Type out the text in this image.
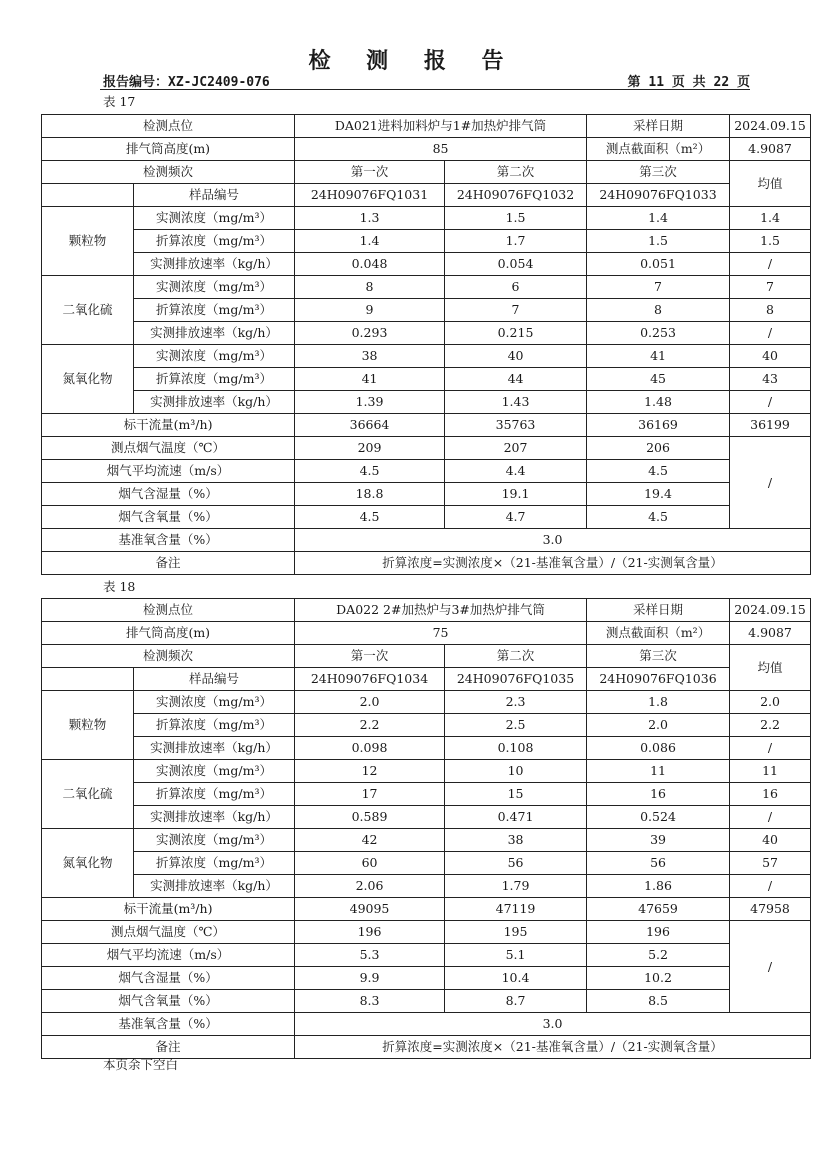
检 测 报 告
报告编号：XZ-JC2409-076	第 11 页 共 22 页
表 17
检测点位		DA021进料加料炉与1#加热炉排气筒		采样日期	2024.09.15
排气筒高度(m)		85		测点截面积（m²）	4.9087
检测频次		第一次	第二次	第三次	均值
	样品编号	24H09076FQ1031	24H09076FQ1032	24H09076FQ1033	
颗粒物	实测浓度（mg/m³）	1.3	1.5	1.4	1.4
	折算浓度（mg/m³）	1.4	1.7	1.5	1.5
	实测排放速率（kg/h）	0.048	0.054	0.051	/
二氧化硫	实测浓度（mg/m³）	8	6	7	7
	折算浓度（mg/m³）	9	7	8	8
	实测排放速率（kg/h）	0.293	0.215	0.253	/
氮氧化物	实测浓度（mg/m³）	38	40	41	40
	折算浓度（mg/m³）	41	44	45	43
	实测排放速率（kg/h）	1.39	1.43	1.48	/
标干流量(m³/h)		36664	35763	36169	36199
测点烟气温度（℃）		209	207	206	/
烟气平均流速（m/s）		4.5	4.4	4.5	
烟气含湿量（%）		18.8	19.1	19.4	
烟气含氧量（%）		4.5	4.7	4.5	
基准氧含量（%）		3.0			
备注		折算浓度=实测浓度×（21-基准氧含量）/（21-实测氧含量）			
表 18
检测点位		DA022 2#加热炉与3#加热炉排气筒		采样日期	2024.09.15
排气筒高度(m)		75		测点截面积（m²）	4.9087
检测频次		第一次	第二次	第三次	均值
	样品编号	24H09076FQ1034	24H09076FQ1035	24H09076FQ1036	
颗粒物	实测浓度（mg/m³）	2.0	2.3	1.8	2.0
	折算浓度（mg/m³）	2.2	2.5	2.0	2.2
	实测排放速率（kg/h）	0.098	0.108	0.086	/
二氧化硫	实测浓度（mg/m³）	12	10	11	11
	折算浓度（mg/m³）	17	15	16	16
	实测排放速率（kg/h）	0.589	0.471	0.524	/
氮氧化物	实测浓度（mg/m³）	42	38	39	40
	折算浓度（mg/m³）	60	56	56	57
	实测排放速率（kg/h）	2.06	1.79	1.86	/
标干流量(m³/h)		49095	47119	47659	47958
测点烟气温度（℃）		196	195	196	/
烟气平均流速（m/s）		5.3	5.1	5.2	
烟气含湿量（%）		9.9	10.4	10.2	
烟气含氧量（%）		8.3	8.7	8.5	
基准氧含量（%）		3.0			
备注		折算浓度=实测浓度×（21-基准氧含量）/（21-实测氧含量）			
本页余下空白
